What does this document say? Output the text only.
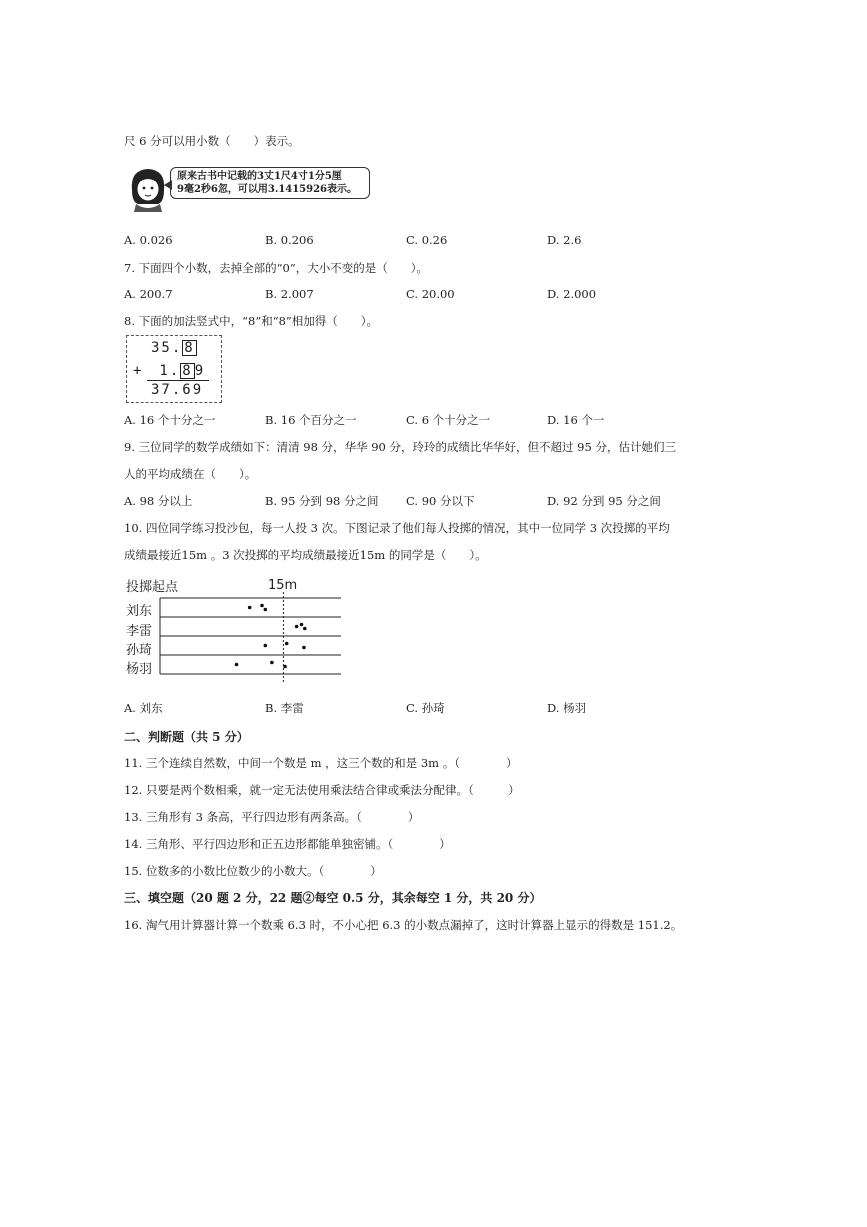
尺 6 分可以用小数（　　）表示。
原来古书中记载的3丈1尺4寸1分5厘
9毫2秒6忽，可以用3.1415926表示。
A. 0.026	B. 0.206	C. 0.26	D. 2.6
7. 下面四个小数，去掉全部的“0”，大小不变的是（　　）。
A. 200.7	B. 2.007	C. 20.00	D. 2.000
8. 下面的加法竖式中，“8”和“8”相加得（　　）。
35. 8
+　1. 8 9
37.69
A. 16 个十分之一	B. 16 个百分之一	C. 6 个十分之一	D. 16 个一
9. 三位同学的数学成绩如下：清清 98 分，华华 90 分，玲玲的成绩比华华好，但不超过 95 分，估计她们三
人的平均成绩在（　　）。
A. 98 分以上	B. 95 分到 98 分之间 C. 90 分以下	D. 92 分到 95 分之间
10. 四位同学练习投沙包，每一人投 3 次。下图记录了他们每人投掷的情况，其中一位同学 3 次投掷的平均
成绩最接近15m 。3 次投掷的平均成绩最接近15m 的同学是（　　）。
投掷起点	15m
刘东
李雷
孙琦
杨羽
A. 刘东	B. 李雷	C. 孙琦	D. 杨羽
二、判断题（共 5 分）
11. 三个连续自然数，中间一个数是 m ，这三个数的和是 3m 。（　　　　）
12. 只要是两个数相乘，就一定无法使用乘法结合律或乘法分配律。（　　　）
13. 三角形有 3 条高，平行四边形有两条高。（　　　　）
14. 三角形、平行四边形和正五边形都能单独密铺。（　　　　）
15. 位数多的小数比位数少的小数大。（　　　　）
三、填空题（20 题 2 分，22 题②每空 0.5 分，其余每空 1 分，共 20 分）
16. 淘气用计算器计算一个数乘 6.3 时，不小心把 6.3 的小数点漏掉了，这时计算器上显示的得数是 151.2。
